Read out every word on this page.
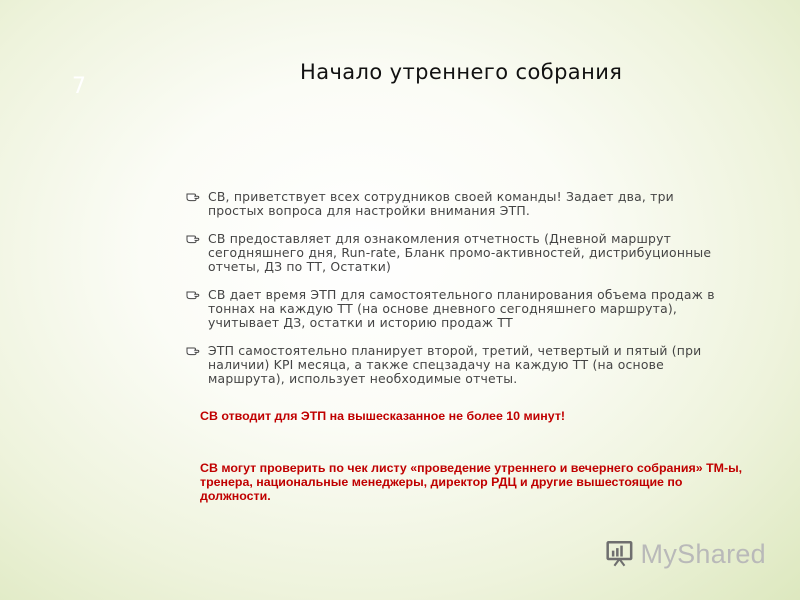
7
Начало утреннего собрания
СВ, приветствует всех сотрудников своей команды! Задает два, три простых вопроса для настройки внимания ЭТП.
СВ предоставляет для ознакомления отчетность (Дневной маршрут сегодняшнего дня, Run-rate, Бланк промо-активностей, дистрибуционные отчеты, ДЗ по ТТ, Остатки)
СВ дает время ЭТП для самостоятельного планирования объема продаж в тоннах на каждую ТТ (на основе дневного сегодняшнего маршрута), учитывает ДЗ, остатки и историю продаж ТТ
ЭТП самостоятельно планирует второй, третий, четвертый и пятый (при наличии) KPI месяца, а также спецзадачу на каждую ТТ (на основе маршрута), использует необходимые отчеты.
СВ отводит для ЭТП на вышесказанное не более 10 минут!
СВ могут проверить по чек листу «проведение утреннего и вечернего собрания» ТМ-ы, тренера, национальные менеджеры, директор РДЦ и другие вышестоящие по должности.
MyShared
